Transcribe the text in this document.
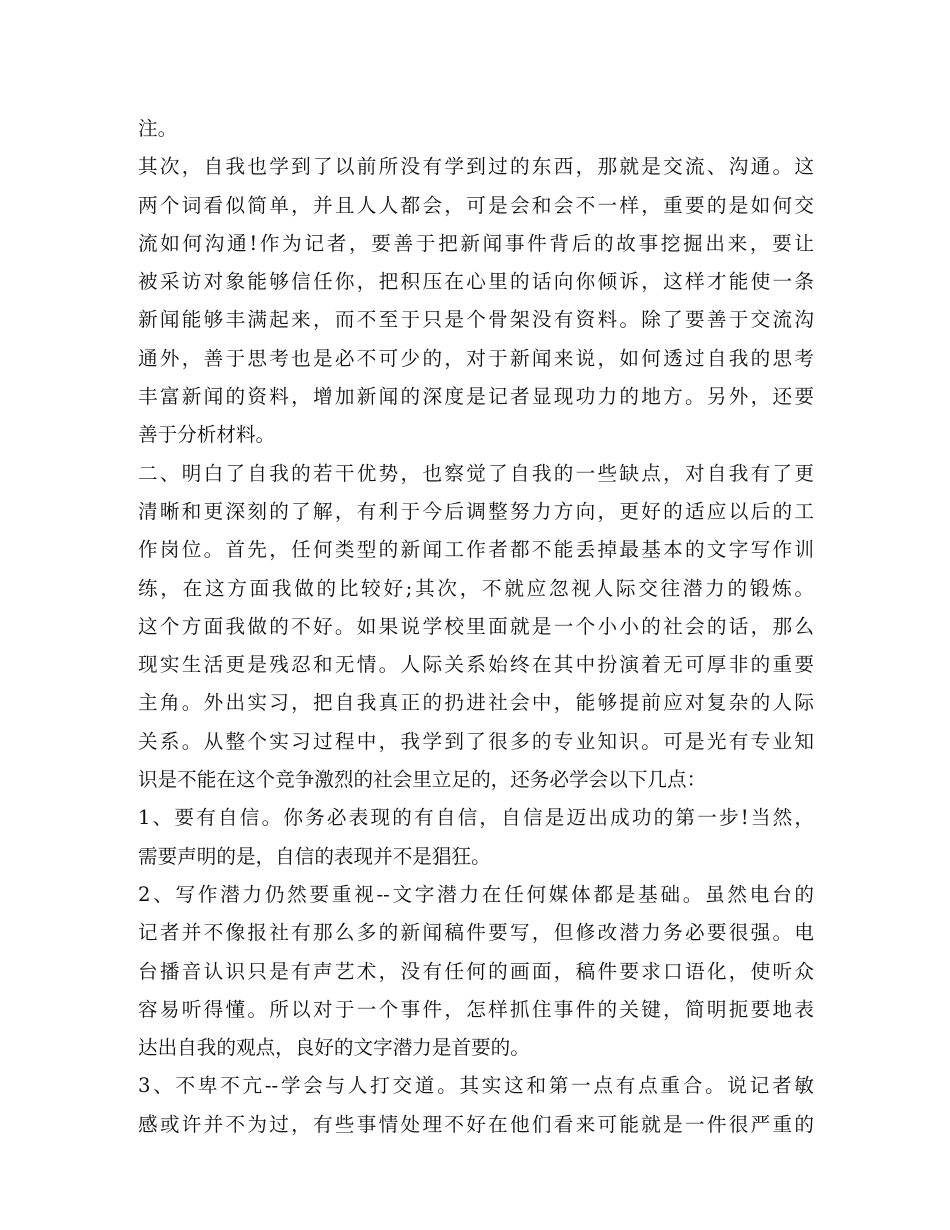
注。
其次，自我也学到了以前所没有学到过的东西，那就是交流、沟通。这
两个词看似简单，并且人人都会，可是会和会不一样，重要的是如何交
流如何沟通!作为记者，要善于把新闻事件背后的故事挖掘出来，要让
被采访对象能够信任你，把积压在心里的话向你倾诉，这样才能使一条
新闻能够丰满起来，而不至于只是个骨架没有资料。除了要善于交流沟
通外，善于思考也是必不可少的，对于新闻来说，如何透过自我的思考
丰富新闻的资料，增加新闻的深度是记者显现功力的地方。另外，还要
善于分析材料。
二、明白了自我的若干优势，也察觉了自我的一些缺点，对自我有了更
清晰和更深刻的了解，有利于今后调整努力方向，更好的适应以后的工
作岗位。首先，任何类型的新闻工作者都不能丢掉最基本的文字写作训
练，在这方面我做的比较好;其次，不就应忽视人际交往潜力的锻炼。
这个方面我做的不好。如果说学校里面就是一个小小的社会的话，那么
现实生活更是残忍和无情。人际关系始终在其中扮演着无可厚非的重要
主角。外出实习，把自我真正的扔进社会中，能够提前应对复杂的人际
关系。从整个实习过程中，我学到了很多的专业知识。可是光有专业知
识是不能在这个竞争激烈的社会里立足的，还务必学会以下几点：
1、要有自信。你务必表现的有自信，自信是迈出成功的第一步!当然，
需要声明的是，自信的表现并不是猖狂。
2、写作潜力仍然要重视--文字潜力在任何媒体都是基础。虽然电台的
记者并不像报社有那么多的新闻稿件要写，但修改潜力务必要很强。电
台播音认识只是有声艺术，没有任何的画面，稿件要求口语化，使听众
容易听得懂。所以对于一个事件，怎样抓住事件的关键，简明扼要地表
达出自我的观点，良好的文字潜力是首要的。
3、不卑不亢--学会与人打交道。其实这和第一点有点重合。说记者敏
感或许并不为过，有些事情处理不好在他们看来可能就是一件很严重的
